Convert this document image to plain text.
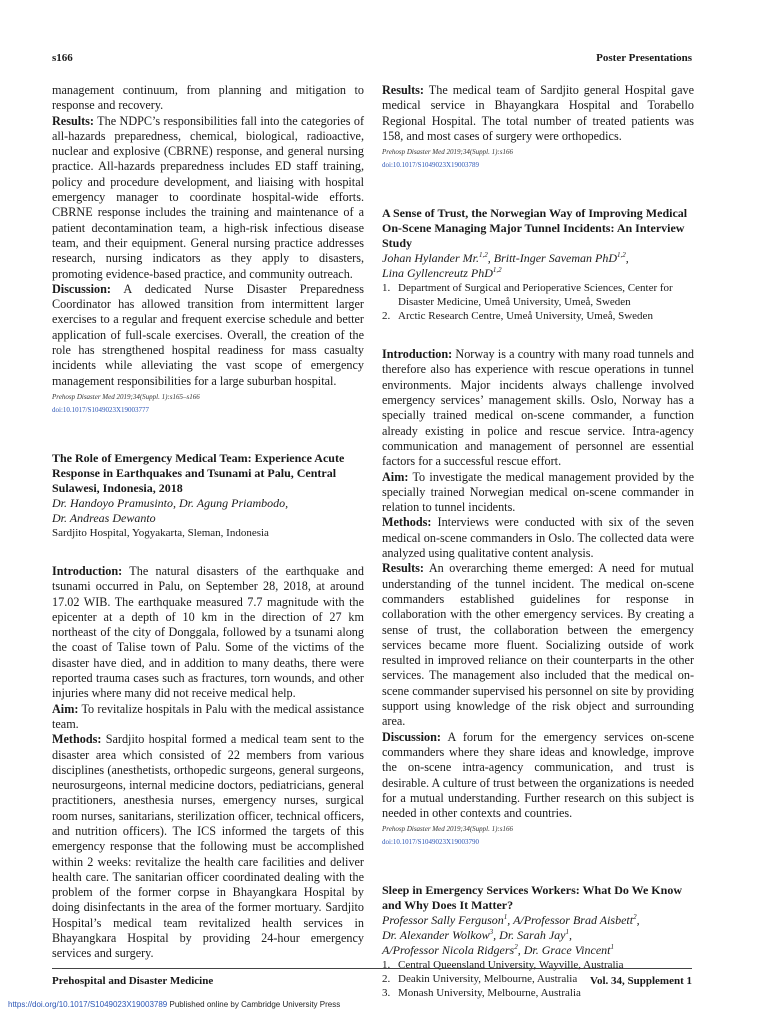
s166	Poster Presentations

management continuum, from planning and mitigation to response and recovery.

Results: The NDPC’s responsibilities fall into the categories of all-hazards preparedness, chemical, biological, radioactive, nuclear and explosive (CBRNE) response, and general nursing practice. All-hazards preparedness includes ED staff training, policy and procedure development, and liaising with hospital emergency manager to coordinate hospital-wide efforts. CBRNE response includes the training and maintenance of a patient decontamination team, a high-risk infectious disease team, and their equipment. General nursing practice addresses research, nursing indicators as they apply to disasters, promoting evidence-based practice, and community outreach.

Discussion: A dedicated Nurse Disaster Preparedness Coordinator has allowed transition from intermittent larger exercises to a regular and frequent exercise schedule and better application of full-scale exercises. Overall, the creation of the role has strengthened hospital readiness for mass casualty incidents while alleviating the vast scope of emergency management responsibilities for a large suburban hospital.

Prehosp Disaster Med 2019;34(Suppl. 1):s165–s166
doi:10.1017/S1049023X19003777
The Role of Emergency Medical Team: Experience Acute Response in Earthquakes and Tsunami at Palu, Central Sulawesi, Indonesia, 2018
Dr. Handoyo Pramusinto, Dr. Agung Priambodo,
Dr. Andreas Dewanto
Sardjito Hospital, Yogyakarta, Sleman, Indonesia

Introduction: The natural disasters of the earthquake and tsunami occurred in Palu, on September 28, 2018, at around 17.02 WIB. The earthquake measured 7.7 magnitude with the epicenter at a depth of 10 km in the direction of 27 km northeast of the city of Donggala, followed by a tsunami along the coast of Talise town of Palu. Some of the victims of the disaster have died, and in addition to many deaths, there were reported trauma cases such as fractures, torn wounds, and other injuries where many did not receive medical help.

Aim: To revitalize hospitals in Palu with the medical assistance team.

Methods: Sardjito hospital formed a medical team sent to the disaster area which consisted of 22 members from various disciplines (anesthetists, orthopedic surgeons, general surgeons, neurosurgeons, internal medicine doctors, pediatricians, general practitioners, anesthesia nurses, emergency nurses, surgical room nurses, sanitarians, sterilization officer, technical officers, and nutrition officers). The ICS informed the targets of this emergency response that the following must be accomplished within 2 weeks: revitalize the health care facilities and deliver health care. The sanitarian officer coordinated dealing with the problem of the former corpse in Bhayangkara Hospital by doing disinfectants in the area of the former mortuary. Sardjito Hospital’s medical team revitalized health services in Bhayangkara Hospital by providing 24-hour emergency services and surgery.

Results: The medical team of Sardjito general Hospital gave medical service in Bhayangkara Hospital and Torabello Regional Hospital. The total number of treated patients was 158, and most cases of surgery were orthopedics.

Prehosp Disaster Med 2019;34(Suppl. 1):s166
doi:10.1017/S1049023X19003789
A Sense of Trust, the Norwegian Way of Improving Medical On-Scene Managing Major Tunnel Incidents: An Interview Study
Johan Hylander Mr.$^{1,2}$, Britt-Inger Saveman PhD$^{1,2}$,
Lina Gyllencreutz PhD$^{1,2}$
1. Department of Surgical and Perioperative Sciences, Center for Disaster Medicine, Umeå University, Umeå, Sweden
2. Arctic Research Centre, Umeå University, Umeå, Sweden

Introduction: Norway is a country with many road tunnels and therefore also has experience with rescue operations in tunnel environments. Major incidents always challenge involved emergency services’ management skills. Oslo, Norway has a specially trained medical on-scene commander, a function already existing in police and rescue service. Intra-agency communication and management of personnel are essential factors for a successful rescue effort.

Aim: To investigate the medical management provided by the specially trained Norwegian medical on-scene commander in relation to tunnel incidents.

Methods: Interviews were conducted with six of the seven medical on-scene commanders in Oslo. The collected data were analyzed using qualitative content analysis.

Results: An overarching theme emerged: A need for mutual understanding of the tunnel incident. The medical on-scene commanders established guidelines for response in collaboration with the other emergency services. By creating a sense of trust, the collaboration between the emergency services became more fluent. Socializing outside of work resulted in improved reliance on their counterparts in the other services. The management also included that the medical on-scene commander supervised his personnel on site by providing support using knowledge of the risk object and surrounding area.

Discussion: A forum for the emergency services on-scene commanders where they share ideas and knowledge, improve the on-scene intra-agency communication, and trust is desirable. A culture of trust between the organizations is needed for a mutual understanding. Further research on this subject is needed in other contexts and countries.

Prehosp Disaster Med 2019;34(Suppl. 1):s166
doi:10.1017/S1049023X19003790
Sleep in Emergency Services Workers: What Do We Know and Why Does It Matter?
Professor Sally Ferguson$^1$, A/Professor Brad Aisbett$^2$,
Dr. Alexander Wolkow$^3$, Dr. Sarah Jay$^1$,
A/Professor Nicola Ridgers$^2$, Dr. Grace Vincent$^1$
1. Central Queensland University, Wayville, Australia
2. Deakin University, Melbourne, Australia
3. Monash University, Melbourne, Australia
Prehospital and Disaster Medicine	Vol. 34, Supplement 1
https://doi.org/10.1017/S1049023X19003789 Published online by Cambridge University Press
